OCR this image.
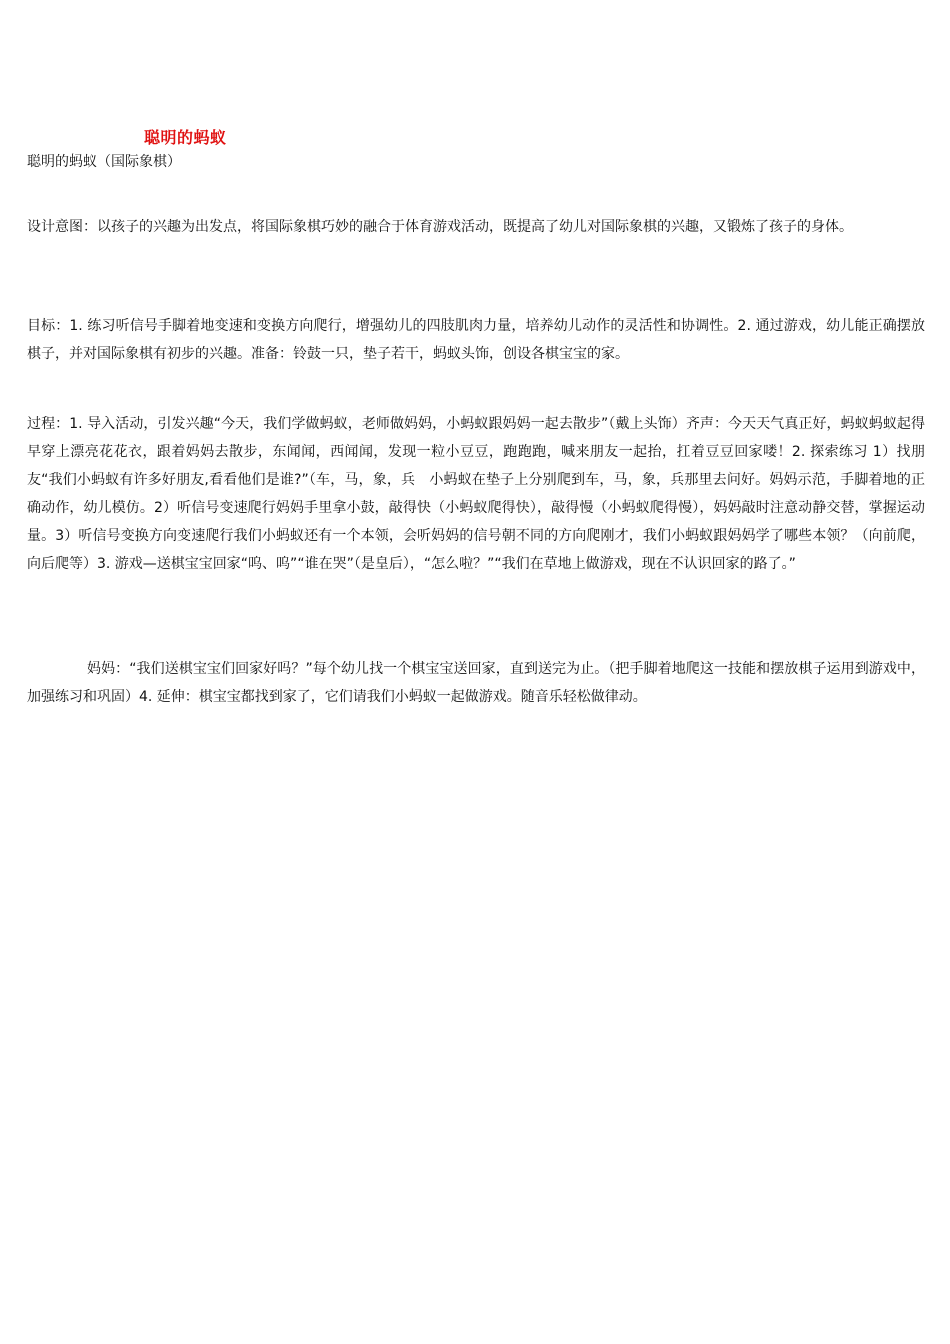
聪明的蚂蚁
聪明的蚂蚁（国际象棋）

设计意图：以孩子的兴趣为出发点，将国际象棋巧妙的融合于体育游戏活动，既提高了幼儿对国际象棋的兴趣，又锻炼了孩子的身体。

目标：1. 练习听信号手脚着地变速和变换方向爬行，增强幼儿的四肢肌肉力量，培养幼儿动作的灵活性和协调性。2. 通过游戏，幼儿能正确摆放棋子，并对国际象棋有初步的兴趣。准备：铃鼓一只，垫子若干，蚂蚁头饰，创设各棋宝宝的家。

过程：1. 导入活动，引发兴趣“今天，我们学做蚂蚁，老师做妈妈，小蚂蚁跟妈妈一起去散步”（戴上头饰）齐声：今天天气真正好，蚂蚁蚂蚁起得早穿上漂亮花花衣，跟着妈妈去散步，东闻闻，西闻闻，发现一粒小豆豆，跑跑跑，喊来朋友一起抬，扛着豆豆回家喽！2. 探索练习 1）找朋友“我们小蚂蚁有许多好朋友,看看他们是谁?”（车，马，象，兵　小蚂蚁在垫子上分别爬到车，马，象，兵那里去问好。妈妈示范，手脚着地的正确动作，幼儿模仿。2）听信号变速爬行妈妈手里拿小鼓，敲得快（小蚂蚁爬得快），敲得慢（小蚂蚁爬得慢），妈妈敲时注意动静交替，掌握运动量。3）听信号变换方向变速爬行我们小蚂蚁还有一个本领，会听妈妈的信号朝不同的方向爬刚才，我们小蚂蚁跟妈妈学了哪些本领？（向前爬，向后爬等）3. 游戏—送棋宝宝回家“呜、呜”“谁在哭”（是皇后），“怎么啦？”“我们在草地上做游戏，现在不认识回家的路了。”

妈妈：“我们送棋宝宝们回家好吗？”每个幼儿找一个棋宝宝送回家，直到送完为止。（把手脚着地爬这一技能和摆放棋子运用到游戏中，加强练习和巩固）4. 延伸：棋宝宝都找到家了，它们请我们小蚂蚁一起做游戏。随音乐轻松做律动。
